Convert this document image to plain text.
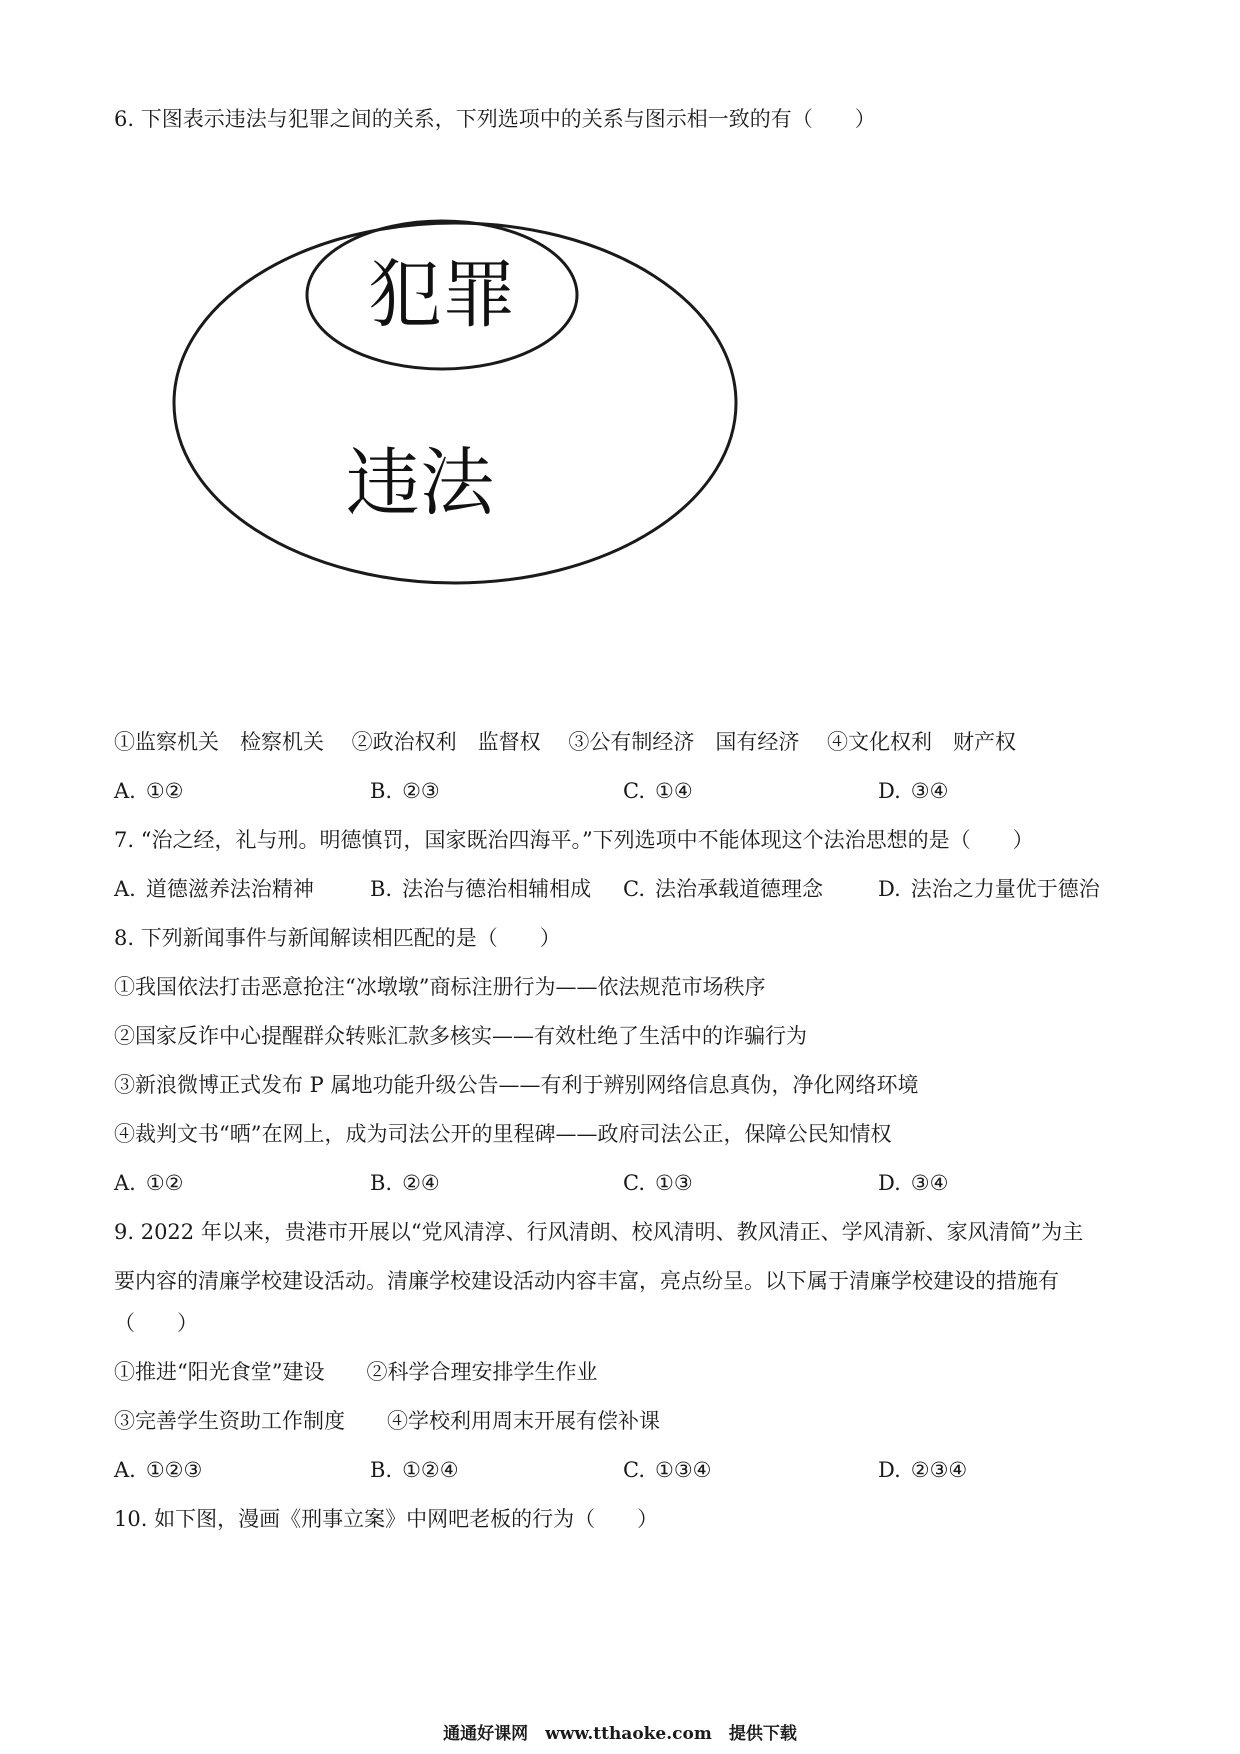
6. 下图表示违法与犯罪之间的关系，下列选项中的关系与图示相一致的有（　　）
犯罪
违法
①监察机关　检察机关　 ②政治权利　监督权　 ③公有制经济　国有经济　 ④文化权利　财产权
A. ①②	B. ②③	C. ①④	D. ③④
7. “治之经，礼与刑。明德慎罚，国家既治四海平。”下列选项中不能体现这个法治思想的是（　　）
A. 道德滋养法治精神	B. 法治与德治相辅相成 C. 法治承载道德理念	D. 法治之力量优于德治
8. 下列新闻事件与新闻解读相匹配的是（　　）
①我国依法打击恶意抢注“冰墩墩”商标注册行为——依法规范市场秩序
②国家反诈中心提醒群众转账汇款多核实——有效杜绝了生活中的诈骗行为
③新浪微博正式发布 P 属地功能升级公告——有利于辨别网络信息真伪，净化网络环境
④裁判文书“晒”在网上，成为司法公开的里程碑——政府司法公正，保障公民知情权
A. ①②	B. ②④	C. ①③	D. ③④
9. 2022 年以来，贵港市开展以“党风清淳、行风清朗、校风清明、教风清正、学风清新、家风清简”为主
要内容的清廉学校建设活动。清廉学校建设活动内容丰富，亮点纷呈。以下属于清廉学校建设的措施有
（　　）
①推进“阳光食堂”建设　　②科学合理安排学生作业
③完善学生资助工作制度　　④学校利用周末开展有偿补课
A. ①②③	B. ①②④	C. ①③④	D. ②③④
10. 如下图，漫画《刑事立案》中网吧老板的行为（　　）
通通好课网　www.tthaoke.com　提供下载
